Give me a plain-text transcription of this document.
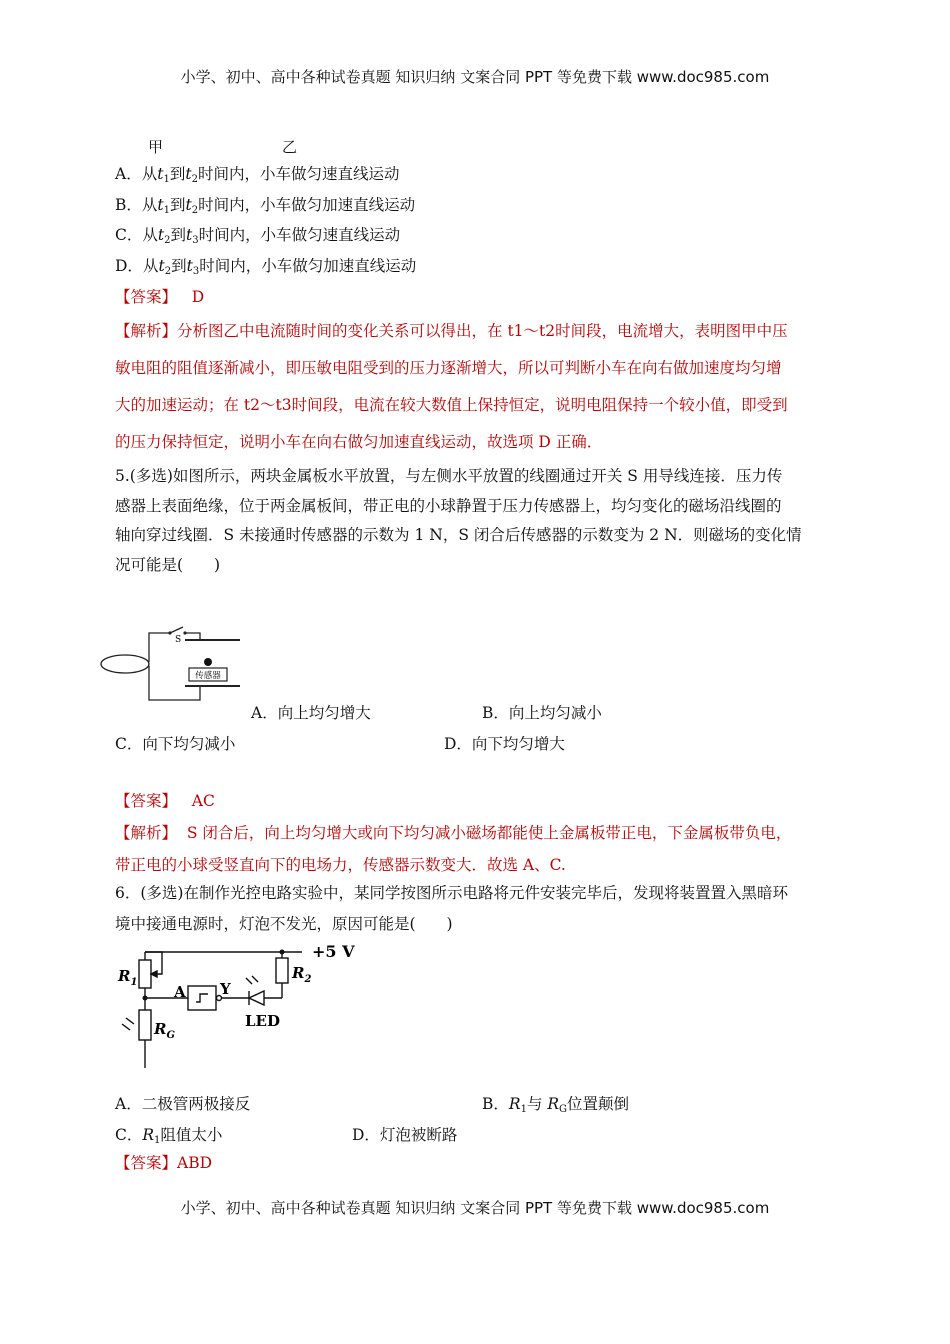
小学、初中、高中各种试卷真题 知识归纳 文案合同 PPT 等免费下载 www.doc985.com
甲	乙
A．从$t_1$到$t_2$时间内，小车做匀速直线运动
B．从$t_1$到$t_2$时间内，小车做匀加速直线运动
C．从$t_2$到$t_3$时间内，小车做匀速直线运动
D．从$t_2$到$t_3$时间内，小车做匀加速直线运动
【答案】 D
【解析】分析图乙中电流随时间的变化关系可以得出，在 t1～t2时间段，电流增大，表明图甲中压
敏电阻的阻值逐渐减小，即压敏电阻受到的压力逐渐增大，所以可判断小车在向右做加速度均匀增
大的加速运动；在 t2～t3时间段，电流在较大数值上保持恒定，说明电阻保持一个较小值，即受到
的压力保持恒定，说明小车在向右做匀加速直线运动，故选项 D 正确．
5.(多选)如图所示，两块金属板水平放置，与左侧水平放置的线圈通过开关 S 用导线连接．压力传
感器上表面绝缘，位于两金属板间，带正电的小球静置于压力传感器上，均匀变化的磁场沿线圈的
轴向穿过线圈．S 未接通时传感器的示数为 1 N，S 闭合后传感器的示数变为 2 N．则磁场的变化情
况可能是(　　)
S
传感器
A．向上均匀增大	B．向上均匀减小
C．向下均匀减小	D．向下均匀增大
【答案】 AC
【解析】 S 闭合后，向上均匀增大或向下均匀减小磁场都能使上金属板带正电，下金属板带负电，
带正电的小球受竖直向下的电场力，传感器示数变大．故选 A、C.
6．(多选)在制作光控电路实验中，某同学按图所示电路将元件安装完毕后，发现将装置置入黑暗环
境中接通电源时，灯泡不发光，原因可能是(　　)
+5 V
$R_1$
$R_2$
$R_G$
A Y
LED
A．二极管两极接反	B．$R_1$与 $R_G$位置颠倒
C．$R_1$阻值太小	D．灯泡被断路
【答案】ABD
小学、初中、高中各种试卷真题 知识归纳 文案合同 PPT 等免费下载 www.doc985.com
